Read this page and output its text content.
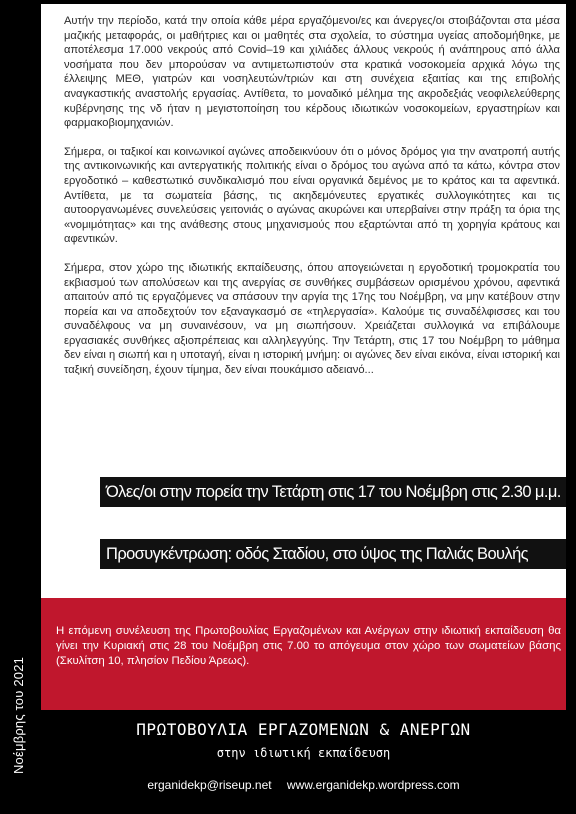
Νοέμβρης του 2021

Αυτήν την περίοδο, κατά την οποία κάθε μέρα εργαζόμενοι/ες και άνεργες/οι στοιβάζονται στα μέσα μαζικής μεταφοράς, οι μαθήτριες και οι μαθητές στα σχολεία, το σύστημα υγείας αποδομήθηκε, με αποτέλεσμα 17.000 νεκρούς από Covid–19 και χιλιάδες άλλους νεκρούς ή ανάπηρους από άλλα νοσήματα που δεν μπορούσαν να αντιμετωπιστούν στα κρατικά νοσοκομεία αρχικά λόγω της έλλειψης ΜΕΘ, γιατρών και νοσηλευτών/τριών και στη συνέχεια εξαιτίας και της επιβολής αναγκαστικής αναστολής εργασίας. Αντίθετα, το μοναδικό μέλημα της ακροδεξιάς νεοφιλελεύθερης κυβέρνησης της νδ ήταν η μεγιστοποίηση του κέρδους ιδιωτικών νοσοκομείων, εργαστηρίων και φαρμακοβιομηχανιών.

Σήμερα, οι ταξικοί και κοινωνικοί αγώνες αποδεικνύουν ότι ο μόνος δρόμος για την ανατροπή αυτής της αντικοινωνικής και αντεργατικής πολιτικής είναι ο δρόμος του αγώνα από τα κάτω, κόντρα στον εργοδοτικό – καθεστωτικό συνδικαλισμό που είναι οργανικά δεμένος με το κράτος και τα αφεντικά. Αντίθετα, με τα σωματεία βάσης, τις ακηδεμόνευτες εργατικές συλλογικότητες και τις αυτοοργανωμένες συνελεύσεις γειτονιάς ο αγώνας ακυρώνει και υπερβαίνει στην πράξη τα όρια της «νομιμότητας» και της ανάθεσης στους μηχανισμούς που εξαρτώνται από τη χορηγία κράτους και αφεντικών.

Σήμερα, στον χώρο της ιδιωτικής εκπαίδευσης, όπου απογειώνεται η εργοδοτική τρομοκρατία του εκβιασμού των απολύσεων και της ανεργίας σε συνθήκες συμβάσεων ορισμένου χρόνου, αφεντικά απαιτούν από τις εργαζόμενες να σπάσουν την αργία της 17ης του Νοέμβρη, να μην κατέβουν στην πορεία και να αποδεχτούν τον εξαναγκασμό σε «τηλεργασία». Καλούμε τις συναδέλφισσες και του συναδέλφους να μη συναινέσουν, να μη σιωπήσουν. Χρειάζεται συλλογικά να επιβάλουμε εργασιακές συνθήκες αξιοπρέπειας και αλληλεγγύης. Την Τετάρτη, στις 17 του Νοέμβρη το μάθημα δεν είναι η σιωπή και η υποταγή, είναι η ιστορική μνήμη: οι αγώνες δεν είναι εικόνα, είναι ιστορική και ταξική συνείδηση, έχουν τίμημα, δεν είναι πουκάμισο αδειανό...

Όλες/οι στην πορεία την Τετάρτη στις 17 του Νοέμβρη στις 2.30 μ.μ.
Προσυγκέντρωση: οδός Σταδίου, στο ύψος της Παλιάς Βουλής
Η επόμενη συνέλευση της Πρωτοβουλίας Εργαζομένων και Ανέργων στην ιδιωτική εκπαίδευση θα γίνει την Κυριακή στις 28 του Νοέμβρη στις 7.00 το απόγευμα στον χώρο των σωματείων βάσης (Σκυλίτση 10, πλησίον Πεδίου Άρεως).
ΠΡΩΤΟΒΟΥΛΙΑ ΕΡΓΑΖΟΜΕΝΩΝ & ΑΝΕΡΓΩΝ
στην ιδιωτική εκπαίδευση
erganidekp@riseup.net www.erganidekp.wordpress.com
